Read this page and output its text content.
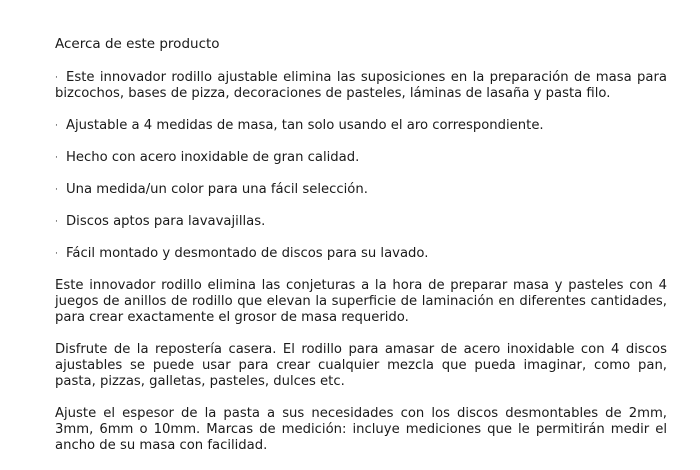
Acerca de este producto
· Este innovador rodillo ajustable elimina las suposiciones en la preparación de masa para bizcochos, bases de pizza, decoraciones de pasteles, láminas de lasaña y pasta filo.
· Ajustable a 4 medidas de masa, tan solo usando el aro correspondiente.
· Hecho con acero inoxidable de gran calidad.
· Una medida/un color para una fácil selección.
· Discos aptos para lavavajillas.
· Fácil montado y desmontado de discos para su lavado.

Este innovador rodillo elimina las conjeturas a la hora de preparar masa y pasteles con 4 juegos de anillos de rodillo que elevan la superficie de laminación en diferentes cantidades, para crear exactamente el grosor de masa requerido.

Disfrute de la repostería casera. El rodillo para amasar de acero inoxidable con 4 discos ajustables se puede usar para crear cualquier mezcla que pueda imaginar, como pan, pasta, pizzas, galletas, pasteles, dulces etc.

Ajuste el espesor de la pasta a sus necesidades con los discos desmontables de 2mm, 3mm, 6mm o 10mm. Marcas de medición: incluye mediciones que le permitirán medir el ancho de su masa con facilidad.
